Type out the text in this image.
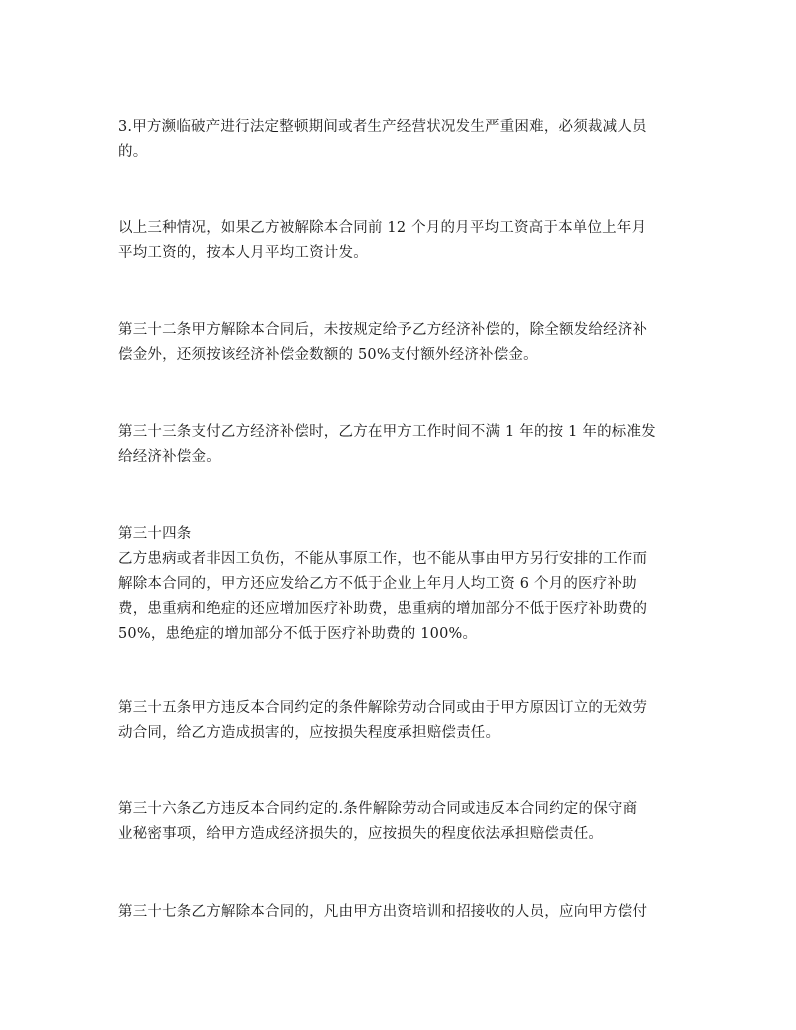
3.甲方濒临破产进行法定整顿期间或者生产经营状况发生严重困难，必须裁减人员
的。
以上三种情况，如果乙方被解除本合同前 12 个月的月平均工资高于本单位上年月
平均工资的，按本人月平均工资计发。
第三十二条甲方解除本合同后，未按规定给予乙方经济补偿的，除全额发给经济补
偿金外，还须按该经济补偿金数额的 50%支付额外经济补偿金。
第三十三条支付乙方经济补偿时，乙方在甲方工作时间不满 1 年的按 1 年的标准发
给经济补偿金。
第三十四条
乙方患病或者非因工负伤，不能从事原工作，也不能从事由甲方另行安排的工作而
解除本合同的，甲方还应发给乙方不低于企业上年月人均工资 6 个月的医疗补助
费，患重病和绝症的还应增加医疗补助费，患重病的增加部分不低于医疗补助费的
50%，患绝症的增加部分不低于医疗补助费的 100%。
第三十五条甲方违反本合同约定的条件解除劳动合同或由于甲方原因订立的无效劳
动合同，给乙方造成损害的，应按损失程度承担赔偿责任。
第三十六条乙方违反本合同约定的.条件解除劳动合同或违反本合同约定的保守商
业秘密事项，给甲方造成经济损失的，应按损失的程度依法承担赔偿责任。
第三十七条乙方解除本合同的，凡由甲方出资培训和招接收的人员，应向甲方偿付
